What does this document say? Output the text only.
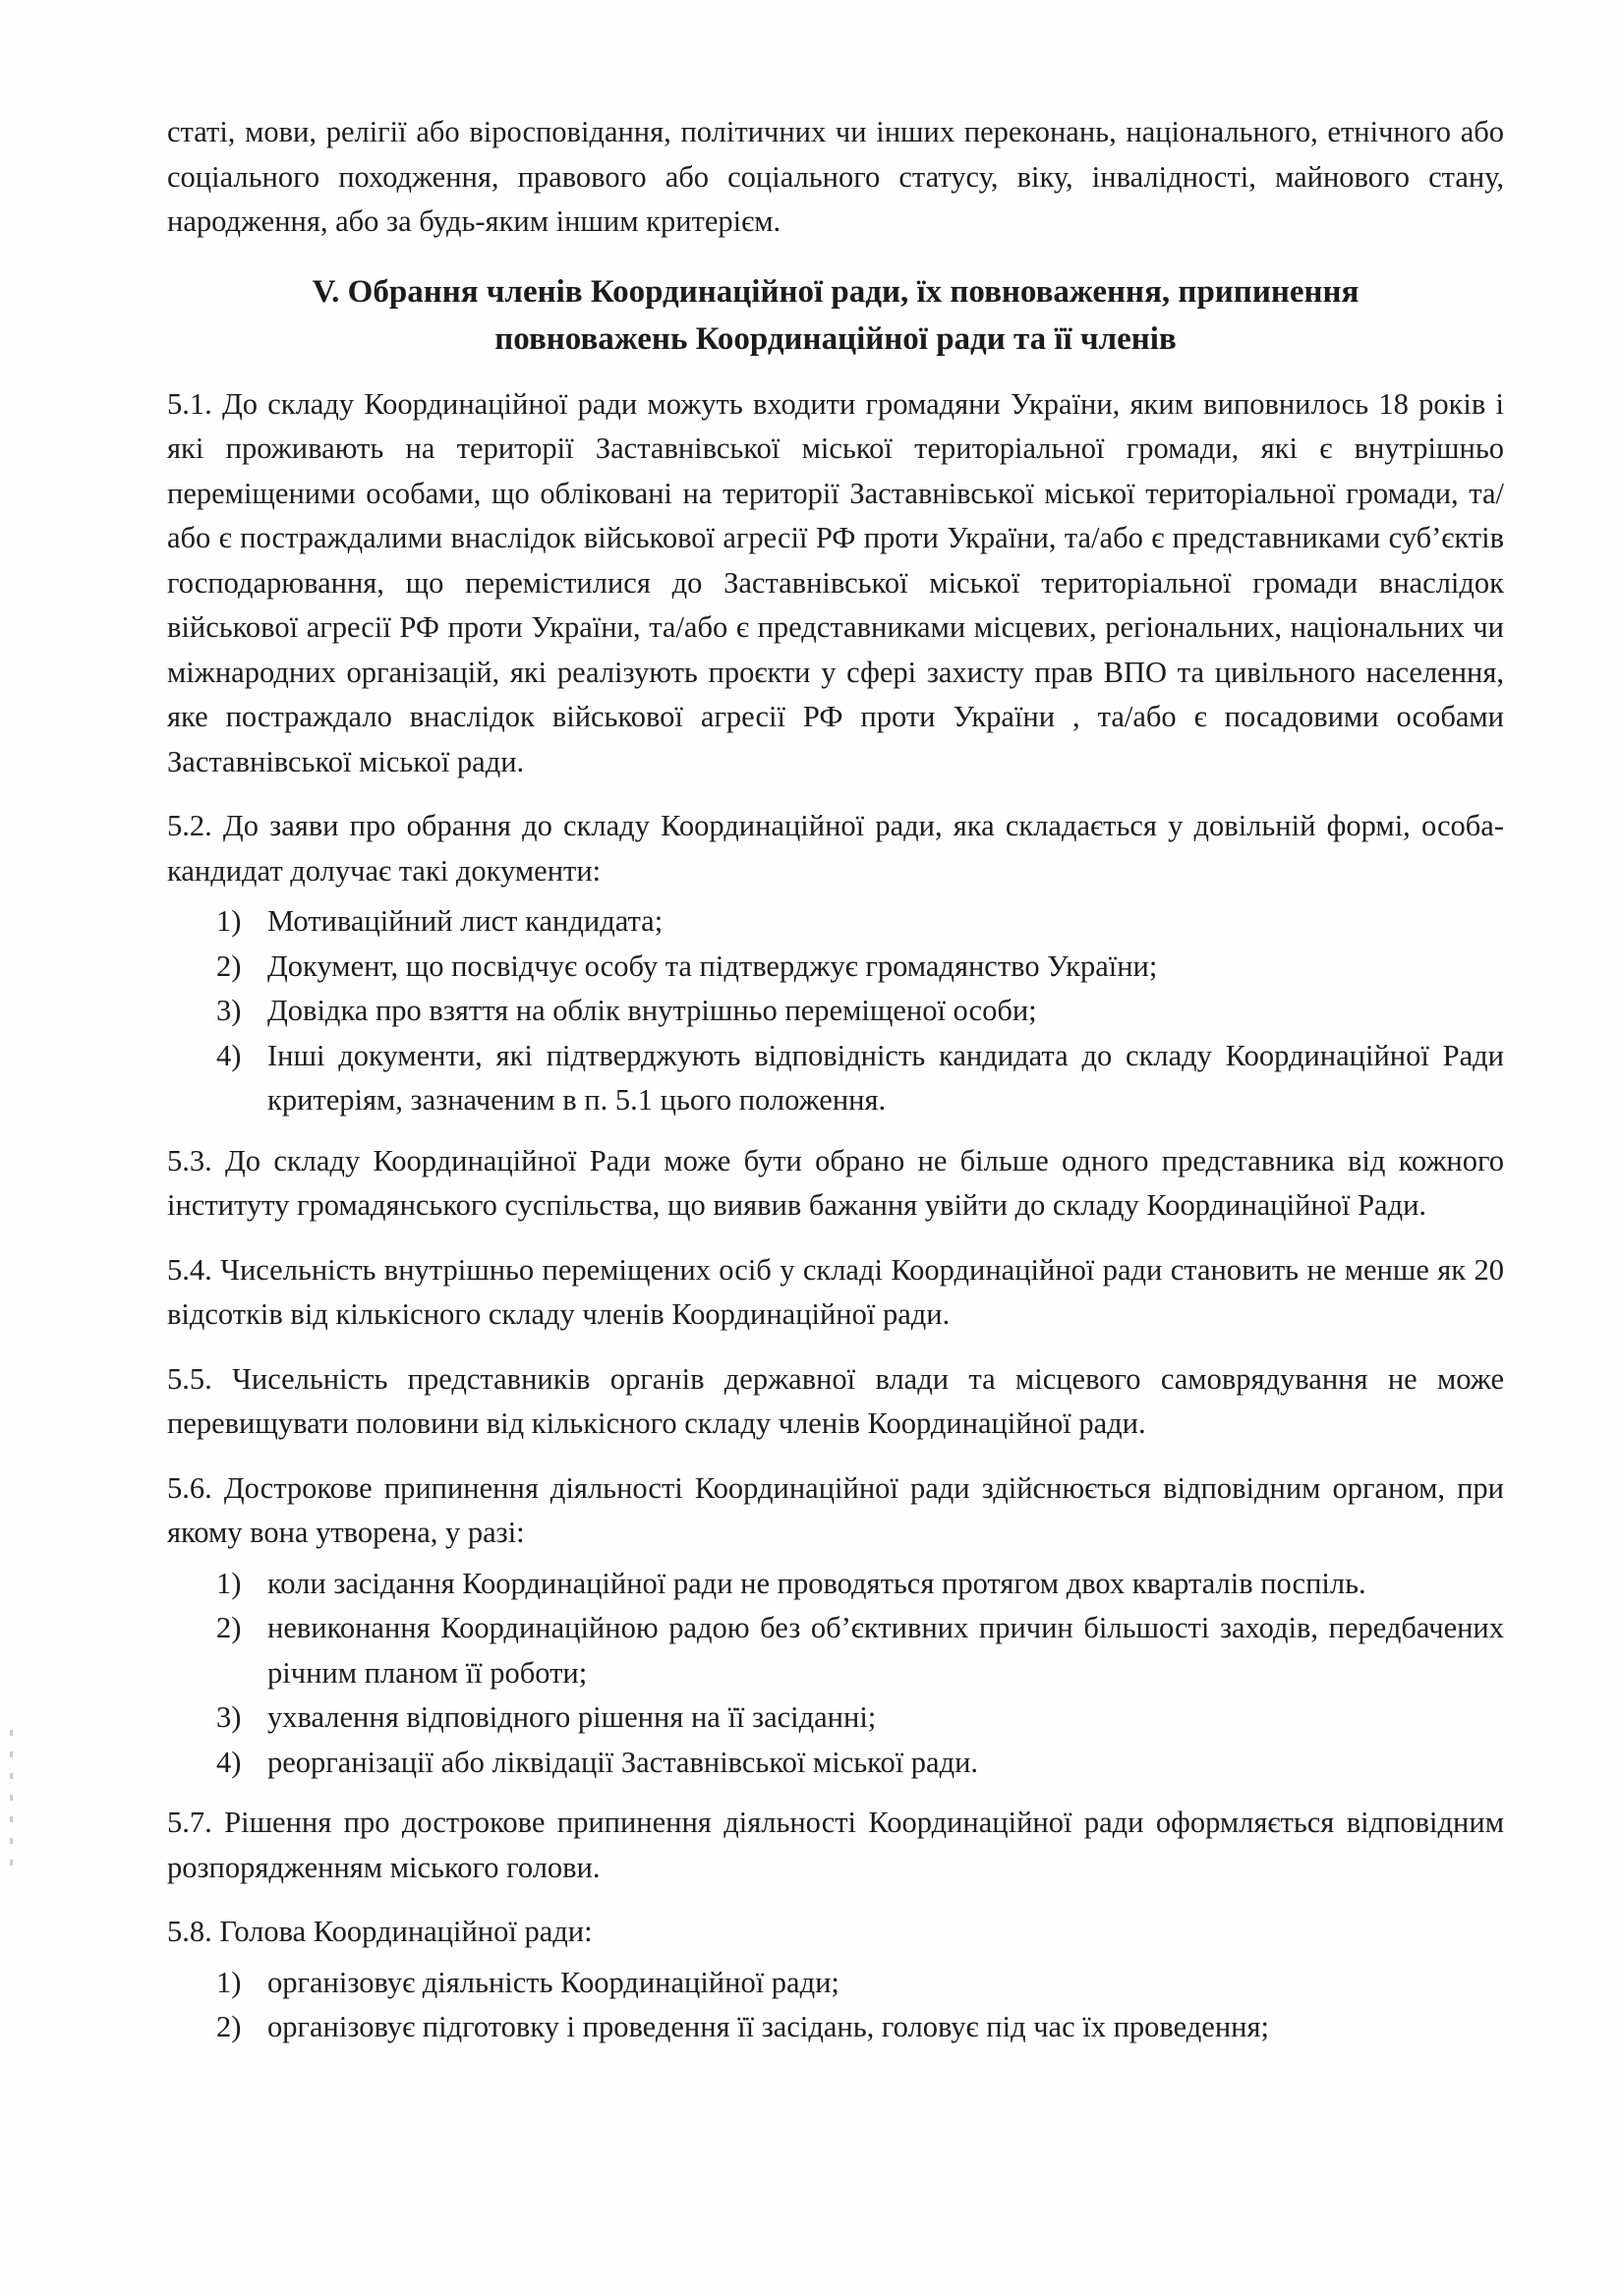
статі, мови, релігії або віросповідання, політичних чи інших переконань, національного, етнічного або соціального походження, правового або соціального статусу, віку, інвалідності, майнового стану, народження, або за будь-яким іншим критерієм.

V. Обрання членів Координаційної ради, їх повноваження, припинення
повноважень Координаційної ради та її членів

5.1. До складу Координаційної ради можуть входити громадяни України, яким виповнилось 18 років і які проживають на території Заставнівської міської територіальної громади, які є внутрішньо переміщеними особами, що обліковані на території Заставнівської міської територіальної громади, та/або є постраждалими внаслідок військової агресії РФ проти України, та/або є представниками суб’єктів господарювання, що перемістилися до Заставнівської міської територіальної громади внаслідок військової агресії РФ проти України, та/або є представниками місцевих, регіональних, національних чи міжнародних організацій, які реалізують проєкти у сфері захисту прав ВПО та цивільного населення, яке постраждало внаслідок військової агресії РФ проти України , та/або є посадовими особами Заставнівської міської ради.

5.2. До заяви про обрання до складу Координаційної ради, яка складається у довільній формі, особа-кандидат долучає такі документи:

1) Мотиваційний лист кандидата;
2) Документ, що посвідчує особу та підтверджує громадянство України;
3) Довідка про взяття на облік внутрішньо переміщеної особи;
4) Інші документи, які підтверджують відповідність кандидата до складу Координаційної Ради критеріям, зазначеним в п. 5.1 цього положення.

5.3. До складу Координаційної Ради може бути обрано не більше одного представника від кожного інституту громадянського суспільства, що виявив бажання увійти до складу Координаційної Ради.

5.4. Чисельність внутрішньо переміщених осіб у складі Координаційної ради становить не менше як 20 відсотків від кількісного складу членів Координаційної ради.

5.5. Чисельність представників органів державної влади та місцевого самоврядування не може перевищувати половини від кількісного складу членів Координаційної ради.

5.6. Дострокове припинення діяльності Координаційної ради здійснюється відповідним органом, при якому вона утворена, у разі:

1) коли засідання Координаційної ради не проводяться протягом двох кварталів поспіль.
2) невиконання Координаційною радою без об’єктивних причин більшості заходів, передбачених річним планом її роботи;
3) ухвалення відповідного рішення на її засіданні;
4) реорганізації або ліквідації Заставнівської міської ради.

5.7. Рішення про дострокове припинення діяльності Координаційної ради оформляється відповідним розпорядженням міського голови.

5.8. Голова Координаційної ради:

1) організовує діяльність Координаційної ради;
2) організовує підготовку і проведення її засідань, головує під час їх проведення;
